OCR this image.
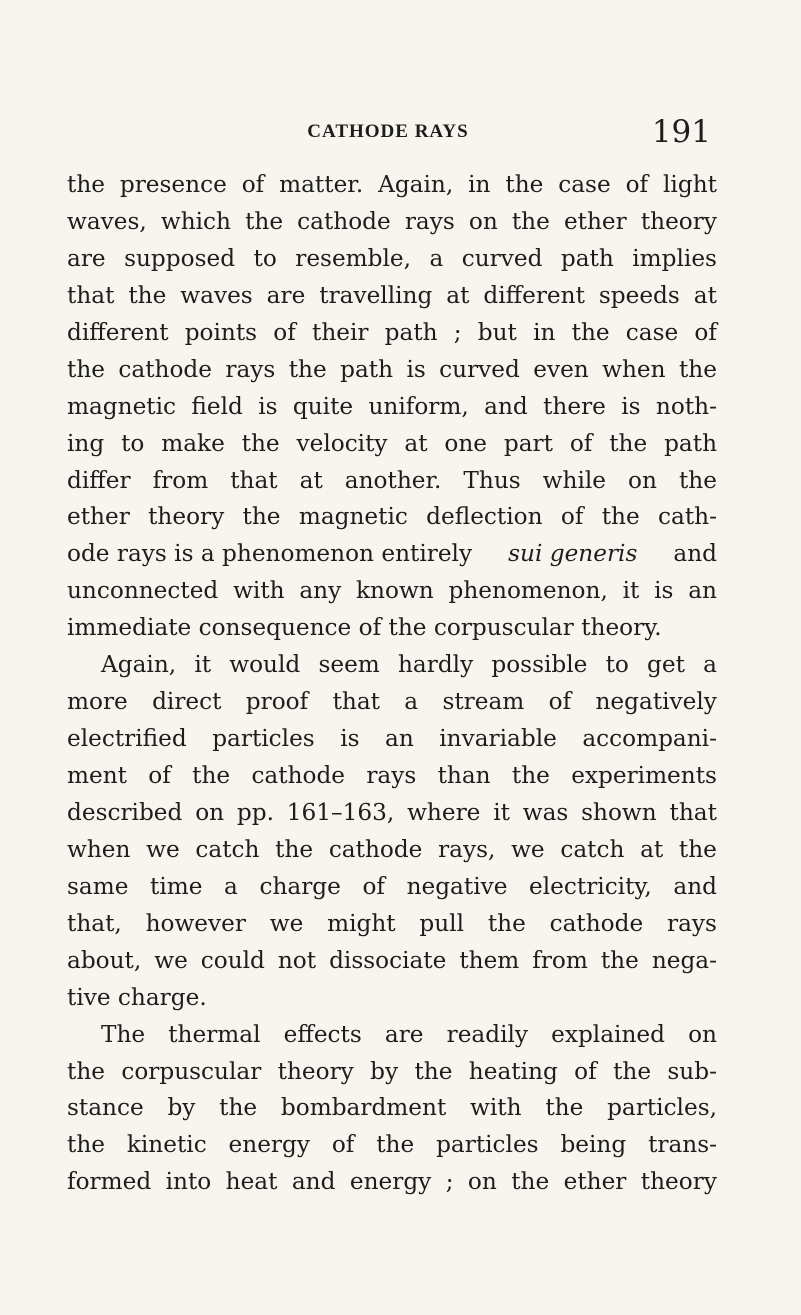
CATHODE RAYS	191
the presence of matter. Again, in the case of light
waves, which the cathode rays on the ether theory
are supposed to resemble, a curved path implies
that the waves are travelling at different speeds at
different points of their path ; but in the case of
the cathode rays the path is curved even when the
magnetic field is quite uniform, and there is noth-
ing to make the velocity at one part of the path
differ from that at another. Thus while on the
ether theory the magnetic deflection of the cath-
ode rays is a phenomenon entirely sui generis and
unconnected with any known phenomenon, it is an
immediate consequence of the corpuscular theory.
Again, it would seem hardly possible to get a
more direct proof that a stream of negatively
electrified particles is an invariable accompani-
ment of the cathode rays than the experiments
described on pp. 161–163, where it was shown that
when we catch the cathode rays, we catch at the
same time a charge of negative electricity, and
that, however we might pull the cathode rays
about, we could not dissociate them from the nega-
tive charge.
The thermal effects are readily explained on
the corpuscular theory by the heating of the sub-
stance by the bombardment with the particles,
the kinetic energy of the particles being trans-
formed into heat and energy ; on the ether theory
